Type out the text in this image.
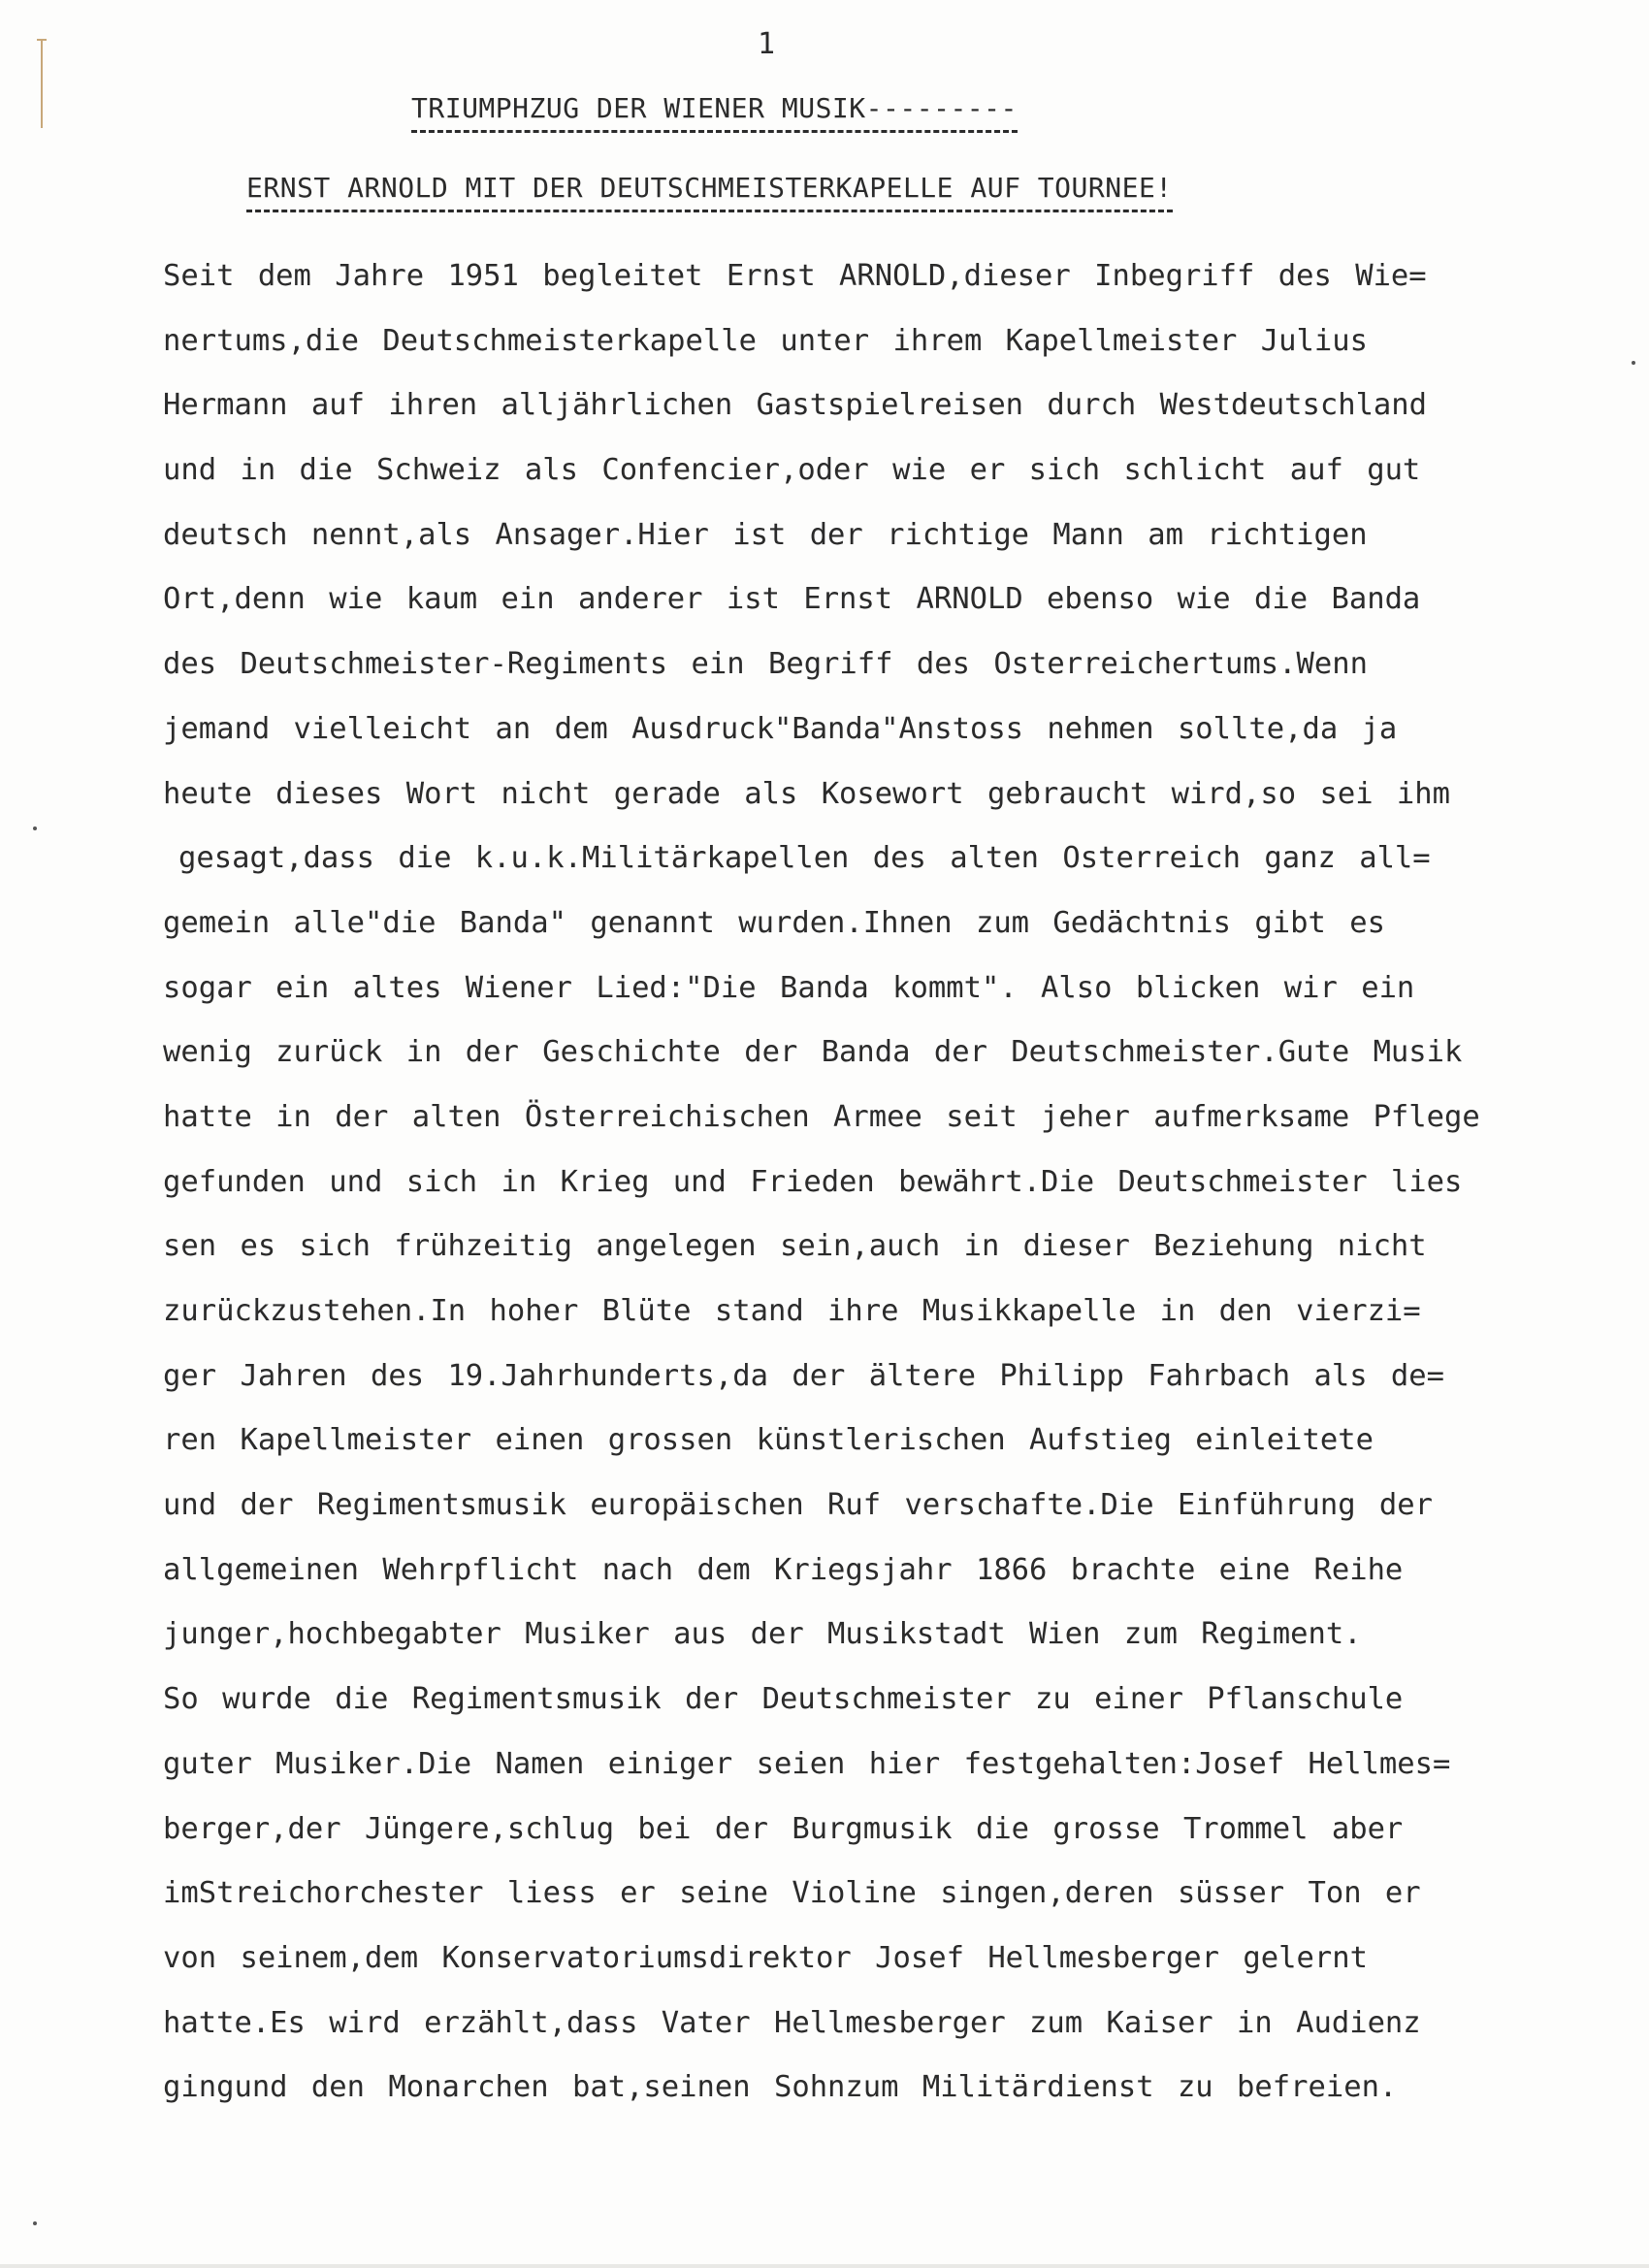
1
TRIUMPHZUG DER WIENER MUSIK---------
ERNST ARNOLD MIT DER DEUTSCHMEISTERKAPELLE AUF TOURNEE!
Seit dem Jahre 1951 begleitet Ernst ARNOLD,dieser Inbegriff des Wie=
nertums,die Deutschmeisterkapelle unter ihrem Kapellmeister Julius
Hermann auf ihren alljährlichen Gastspielreisen durch Westdeutschland
und in die Schweiz als Confencier,oder wie er sich schlicht auf gut
deutsch nennt,als Ansager.Hier ist der richtige Mann am richtigen
Ort,denn wie kaum ein anderer ist Ernst ARNOLD ebenso wie die Banda
des Deutschmeister-Regiments ein Begriff des Osterreichertums.Wenn
jemand vielleicht an dem Ausdruck"Banda"Anstoss nehmen sollte,da ja
heute dieses Wort nicht gerade als Kosewort gebraucht wird,so sei ihm
gesagt,dass die k.u.k.Militärkapellen des alten Osterreich ganz all=
gemein alle"die Banda" genannt wurden.Ihnen zum Gedächtnis gibt es
sogar ein altes Wiener Lied:"Die Banda kommt". Also blicken wir ein
wenig zurück in der Geschichte der Banda der Deutschmeister.Gute Musik
hatte in der alten Österreichischen Armee seit jeher aufmerksame Pflege
gefunden und sich in Krieg und Frieden bewährt.Die Deutschmeister lies
sen es sich frühzeitig angelegen sein,auch in dieser Beziehung nicht
zurückzustehen.In hoher Blüte stand ihre Musikkapelle in den vierzi=
ger Jahren des 19.Jahrhunderts,da der ältere Philipp Fahrbach als de=
ren Kapellmeister einen grossen künstlerischen Aufstieg einleitete
und der Regimentsmusik europäischen Ruf verschafte.Die Einführung der
allgemeinen Wehrpflicht nach dem Kriegsjahr 1866 brachte eine Reihe
junger,hochbegabter Musiker aus der Musikstadt Wien zum Regiment.
So wurde die Regimentsmusik der Deutschmeister zu einer Pflanschule
guter Musiker.Die Namen einiger seien hier festgehalten:Josef Hellmes=
berger,der Jüngere,schlug bei der Burgmusik die grosse Trommel aber
imStreichorchester liess er seine Violine singen,deren süsser Ton er
von seinem,dem Konservatoriumsdirektor Josef Hellmesberger gelernt
hatte.Es wird erzählt,dass Vater Hellmesberger zum Kaiser in Audienz
gingund den Monarchen bat,seinen Sohnzum Militärdienst zu befreien.
